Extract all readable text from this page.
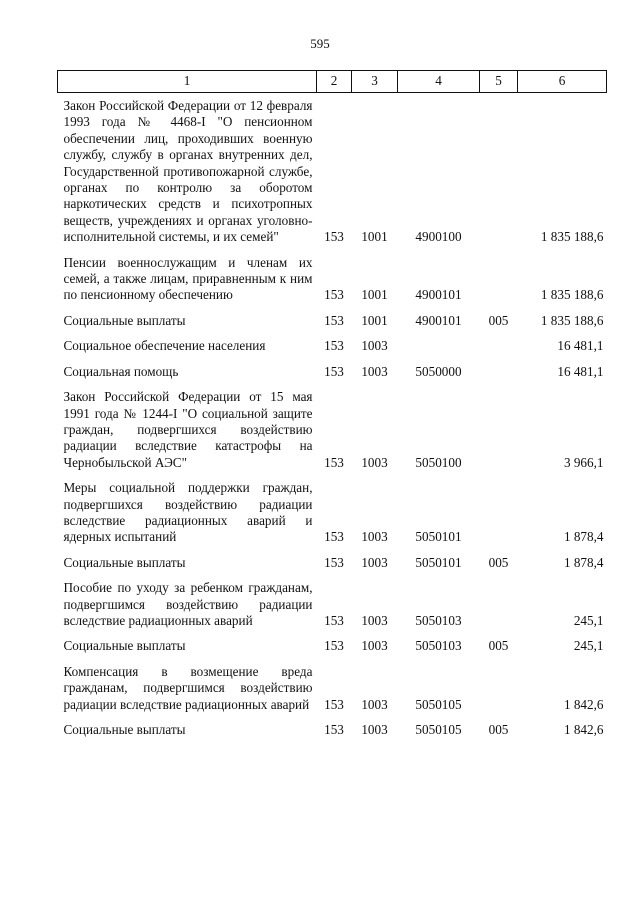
595
1	2	3	4	5	6
Закон Российской Федерации от 12 февраля 1993 года № 4468-I "О пенсионном обеспечении лиц, проходивших военную службу, службу в органах внутренних дел, Государственной противопожарной службе, органах по контролю за оборотом наркотических средств и психотропных веществ, учреждениях и органах уголовно-исполнительной системы, и их семей"	153	1001	4900100		1 835 188,6
Пенсии военнослужащим и членам их семей, а также лицам, приравненным к ним по пенсионному обеспечению	153	1001	4900101		1 835 188,6
Социальные выплаты	153	1001	4900101	005	1 835 188,6
Социальное обеспечение населения	153	1003			16 481,1
Социальная помощь	153	1003	5050000		16 481,1
Закон Российской Федерации от 15 мая 1991 года № 1244-I "О социальной защите граждан, подвергшихся воздействию радиации вследствие катастрофы на Чернобыльской АЭС"	153	1003	5050100		3 966,1
Меры социальной поддержки граждан, подвергшихся воздействию радиации вследствие радиационных аварий и ядерных испытаний	153	1003	5050101		1 878,4
Социальные выплаты	153	1003	5050101	005	1 878,4
Пособие по уходу за ребенком гражданам, подвергшимся воздействию радиации вследствие радиационных аварий	153	1003	5050103		245,1
Социальные выплаты	153	1003	5050103	005	245,1
Компенсация в возмещение вреда гражданам, подвергшимся воздействию радиации вследствие радиационных аварий	153	1003	5050105		1 842,6
Социальные выплаты	153	1003	5050105	005	1 842,6
